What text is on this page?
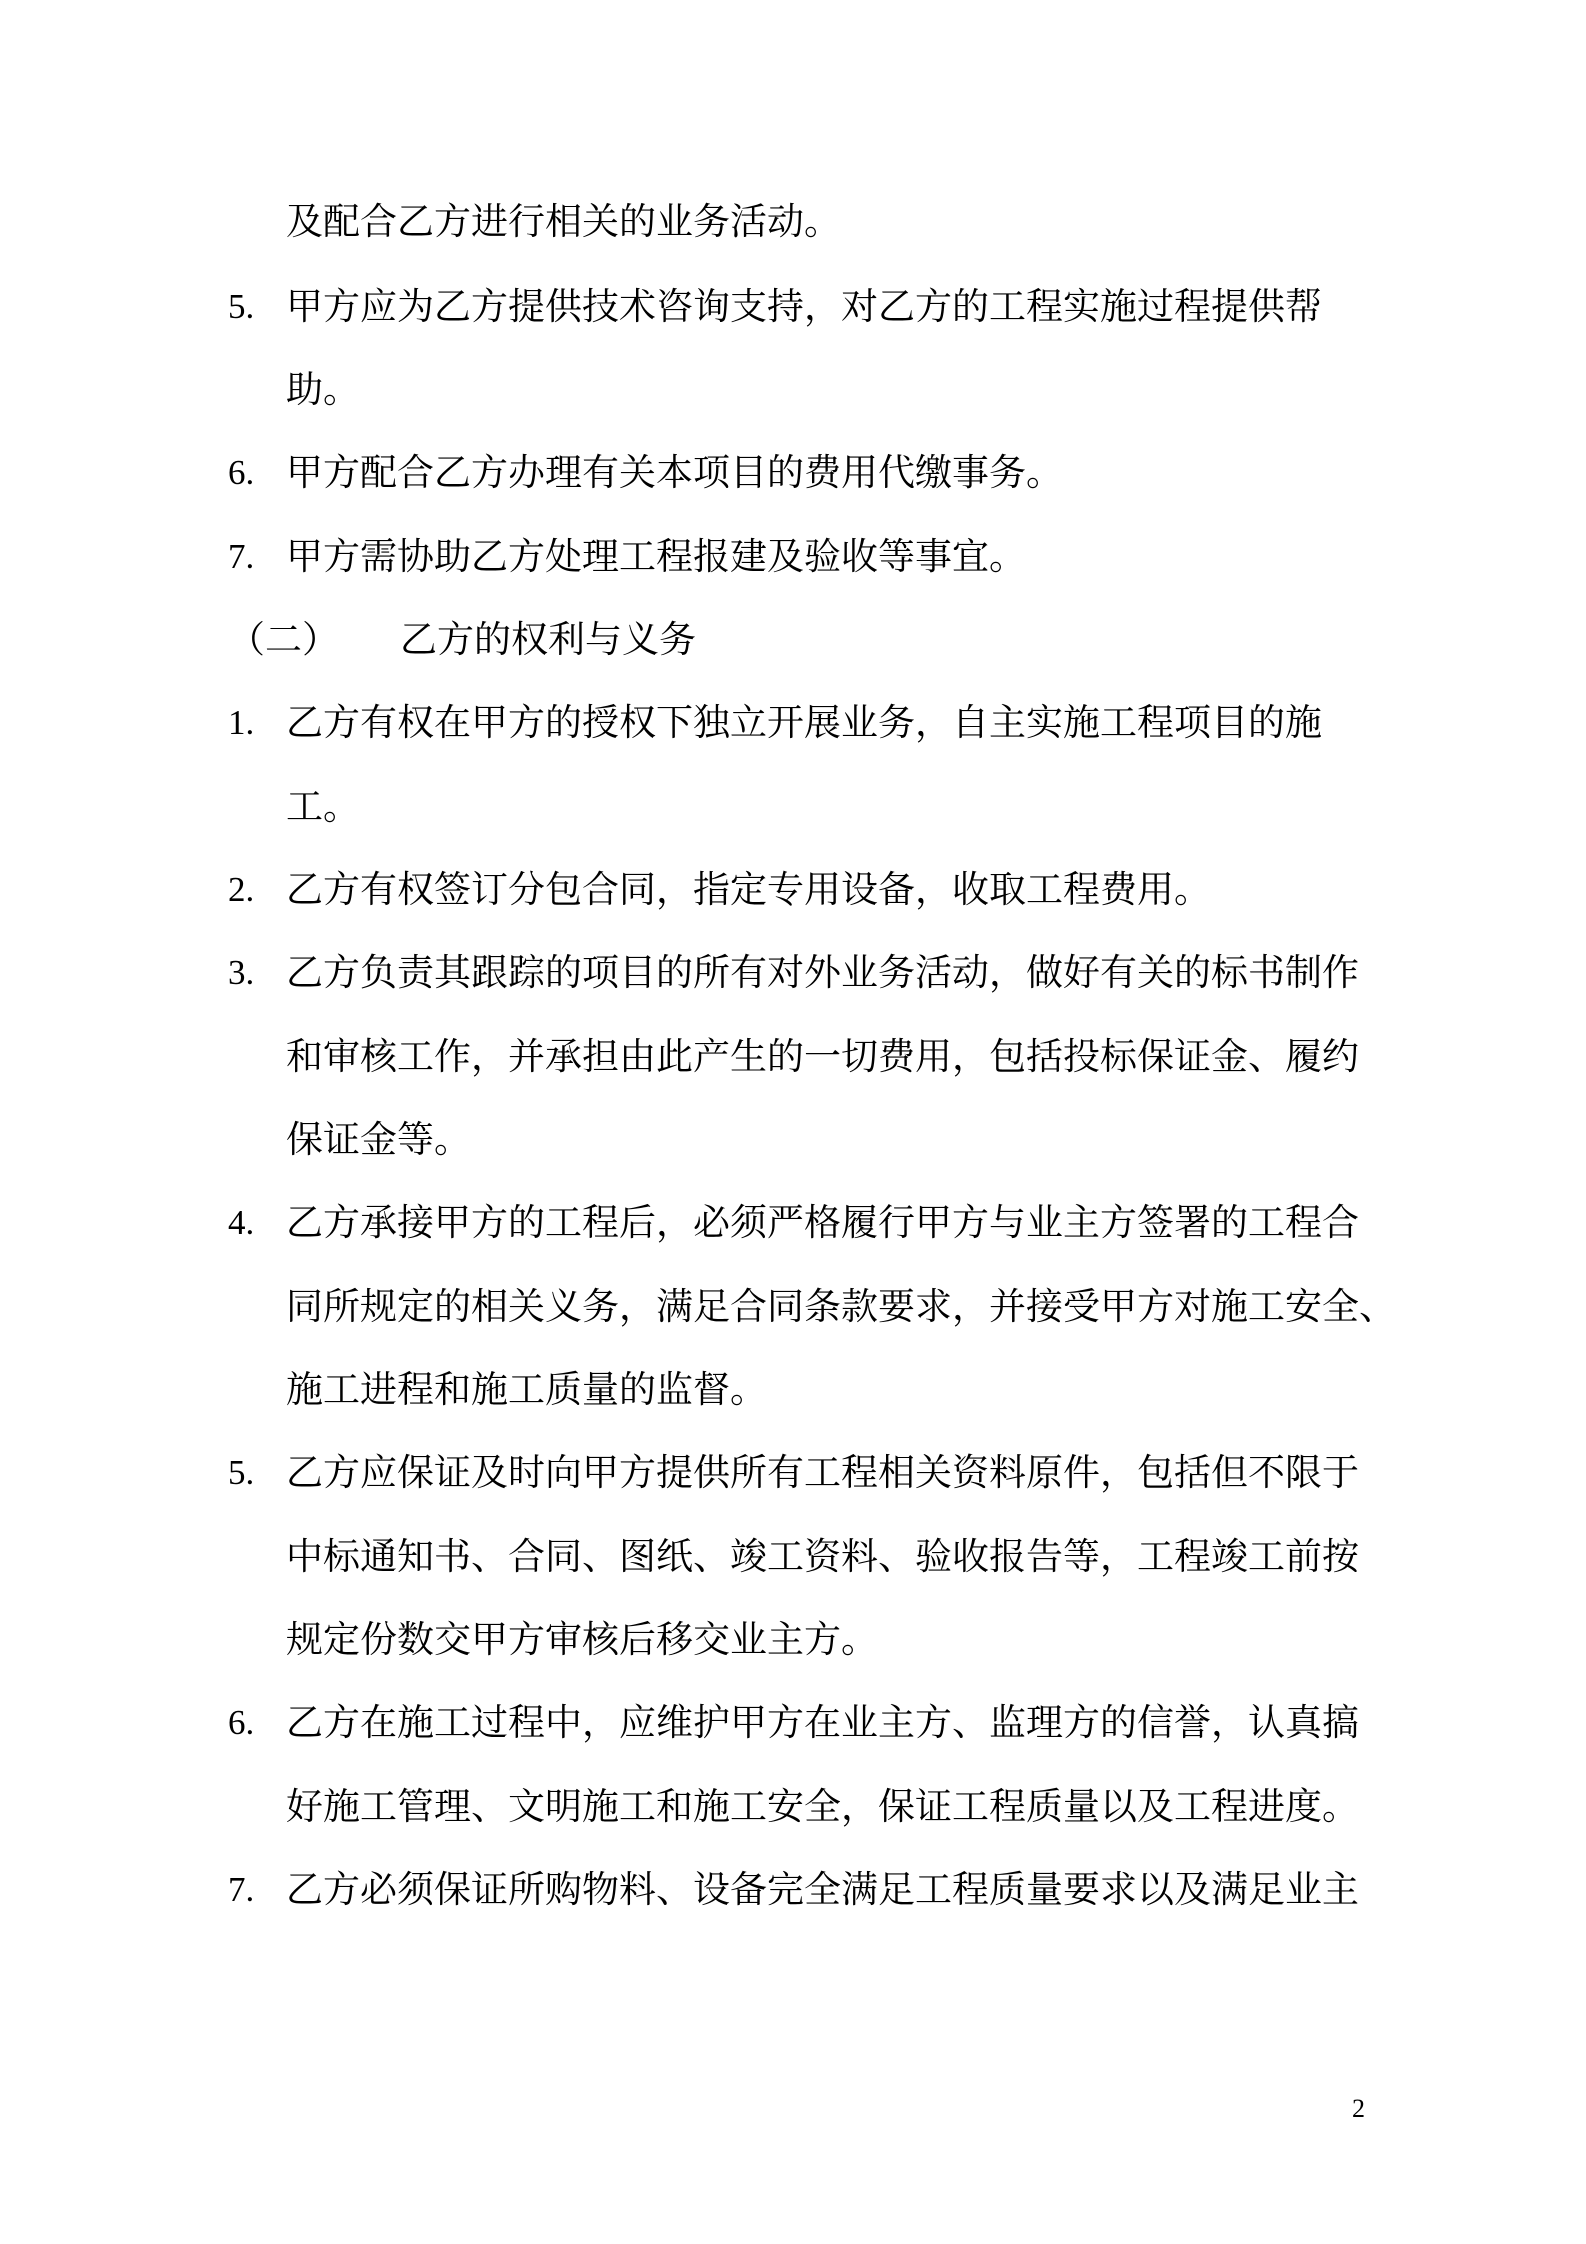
及配合乙方进行相关的业务活动。
5. 甲方应为乙方提供技术咨询支持，对乙方的工程实施过程提供帮
助。
6. 甲方配合乙方办理有关本项目的费用代缴事务。
7. 甲方需协助乙方处理工程报建及验收等事宜。
（二） 乙方的权利与义务
1. 乙方有权在甲方的授权下独立开展业务，自主实施工程项目的施
工。
2. 乙方有权签订分包合同，指定专用设备，收取工程费用。
3. 乙方负责其跟踪的项目的所有对外业务活动，做好有关的标书制作
和审核工作，并承担由此产生的一切费用，包括投标保证金、履约
保证金等。
4. 乙方承接甲方的工程后，必须严格履行甲方与业主方签署的工程合
同所规定的相关义务，满足合同条款要求，并接受甲方对施工安全、
施工进程和施工质量的监督。
5. 乙方应保证及时向甲方提供所有工程相关资料原件，包括但不限于
中标通知书、合同、图纸、竣工资料、验收报告等，工程竣工前按
规定份数交甲方审核后移交业主方。
6. 乙方在施工过程中，应维护甲方在业主方、监理方的信誉，认真搞
好施工管理、文明施工和施工安全，保证工程质量以及工程进度。
7. 乙方必须保证所购物料、设备完全满足工程质量要求以及满足业主
2
